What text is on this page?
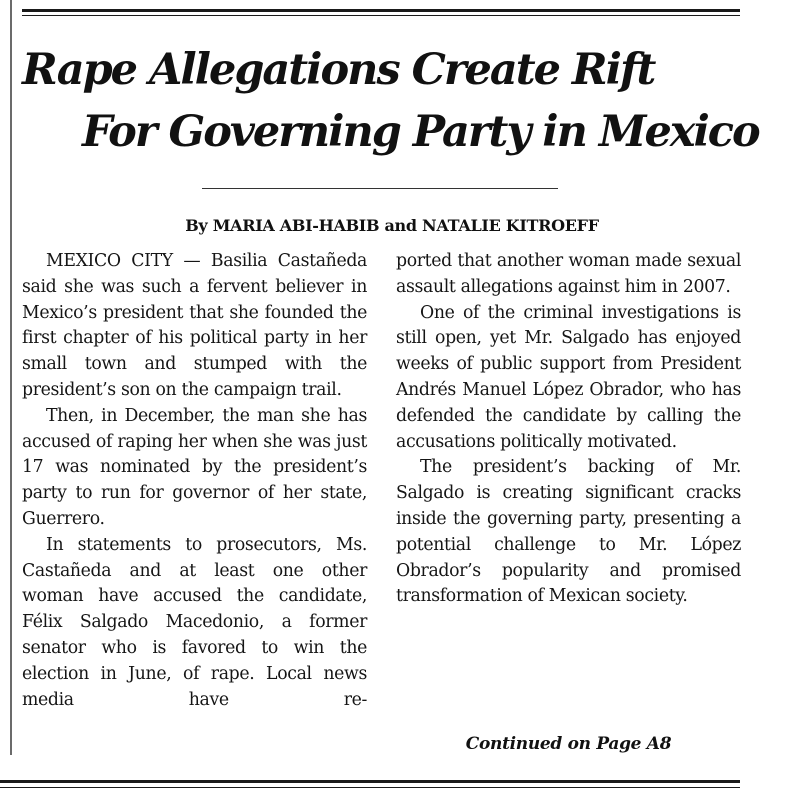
Rape Allegations Create Rift
For Governing Party in Mexico
By MARIA ABI-HABIB and NATALIE KITROEFF

MEXICO CITY — Basilia Castañeda said she was such a fervent believer in Mexico’s president that she founded the first chapter of his political party in her small town and stumped with the president’s son on the campaign trail.

Then, in December, the man she has accused of raping her when she was just 17 was nominated by the president’s party to run for governor of her state, Guerrero.

In statements to prosecutors, Ms. Castañeda and at least one other woman have accused the candidate, Félix Salgado Macedonio, a former senator who is favored to win the election in June, of rape. Local news media have re-

ported that another woman made sexual assault allegations against him in 2007.

One of the criminal investigations is still open, yet Mr. Salgado has enjoyed weeks of public support from President Andrés Manuel López Obrador, who has defended the candidate by calling the accusations politically motivated.

The president’s backing of Mr. Salgado is creating significant cracks inside the governing party, presenting a potential challenge to Mr. López Obrador’s popularity and promised transformation of Mexican society.

Continued on Page A8
